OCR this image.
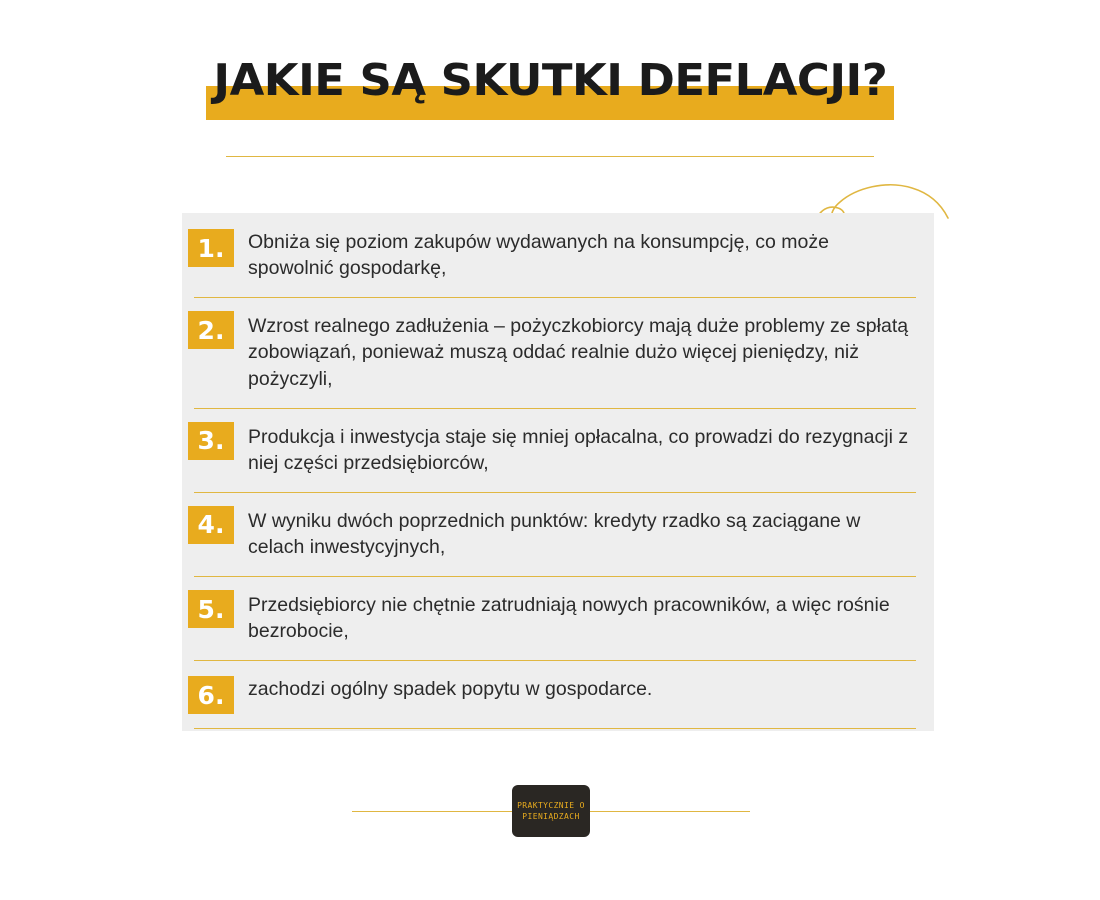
JAKIE SĄ SKUTKI DEFLACJI?
1.	Obniża się poziom zakupów wydawanych na konsumpcję, co może spowolnić gospodarkę,
2.	Wzrost realnego zadłużenia – pożyczkobiorcy mają duże problemy ze spłatą zobowiązań, ponieważ muszą oddać realnie dużo więcej pieniędzy, niż pożyczyli,
3.	Produkcja i inwestycja staje się mniej opłacalna, co prowadzi do rezygnacji z niej części przedsiębiorców,
4.	W wyniku dwóch poprzednich punktów: kredyty rzadko są zaciągane w celach inwestycyjnych,
5.	Przedsiębiorcy nie chętnie zatrudniają nowych pracowników, a więc rośnie bezrobocie,
6.	zachodzi ogólny spadek popytu w gospodarce.
PRAKTYCZNIE O
PIENIĄDZACH
